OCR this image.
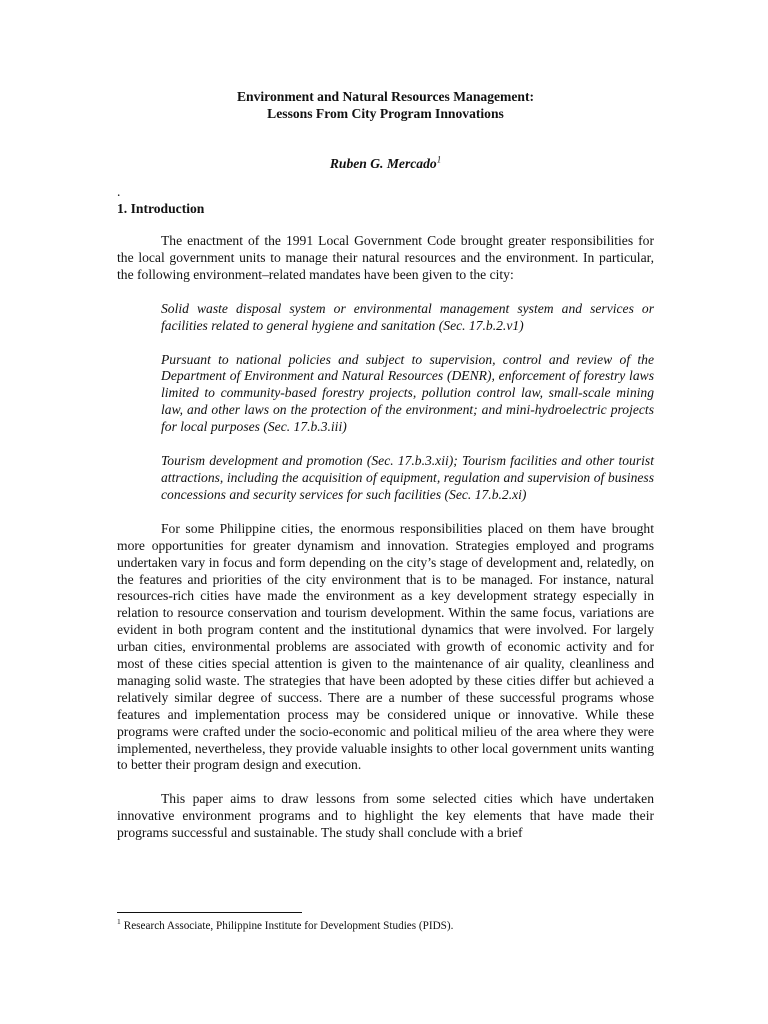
Environment and Natural Resources Management:
Lessons From City Program Innovations
Ruben G. Mercado$^1$
.
1. Introduction

The enactment of the 1991 Local Government Code brought greater responsibilities for the local government units to manage their natural resources and the environment. In particular, the following environment–related mandates have been given to the city:

Solid waste disposal system or environmental management system and services or facilities related to general hygiene and sanitation (Sec. 17.b.2.v1)

Pursuant to national policies and subject to supervision, control and review of the Department of Environment and Natural Resources (DENR), enforcement of forestry laws limited to community-based forestry projects, pollution control law, small-scale mining law, and other laws on the protection of the environment; and mini-hydroelectric projects for local purposes (Sec. 17.b.3.iii)

Tourism development and promotion (Sec. 17.b.3.xii); Tourism facilities and other tourist attractions, including the acquisition of equipment, regulation and supervision of business concessions and security services for such facilities (Sec. 17.b.2.xi)

For some Philippine cities, the enormous responsibilities placed on them have brought more opportunities for greater dynamism and innovation. Strategies employed and programs undertaken vary in focus and form depending on the city’s stage of development and, relatedly, on the features and priorities of the city environment that is to be managed. For instance, natural resources-rich cities have made the environment as a key development strategy especially in relation to resource conservation and tourism development. Within the same focus, variations are evident in both program content and the institutional dynamics that were involved. For largely urban cities, environmental problems are associated with growth of economic activity and for most of these cities special attention is given to the maintenance of air quality, cleanliness and managing solid waste. The strategies that have been adopted by these cities differ but achieved a relatively similar degree of success. There are a number of these successful programs whose features and implementation process may be considered unique or innovative. While these programs were crafted under the socio-economic and political milieu of the area where they were implemented, nevertheless, they provide valuable insights to other local government units wanting to better their program design and execution.

This paper aims to draw lessons from some selected cities which have undertaken innovative environment programs and to highlight the key elements that have made their programs successful and sustainable. The study shall conclude with a brief

$^1$ Research Associate, Philippine Institute for Development Studies (PIDS).
